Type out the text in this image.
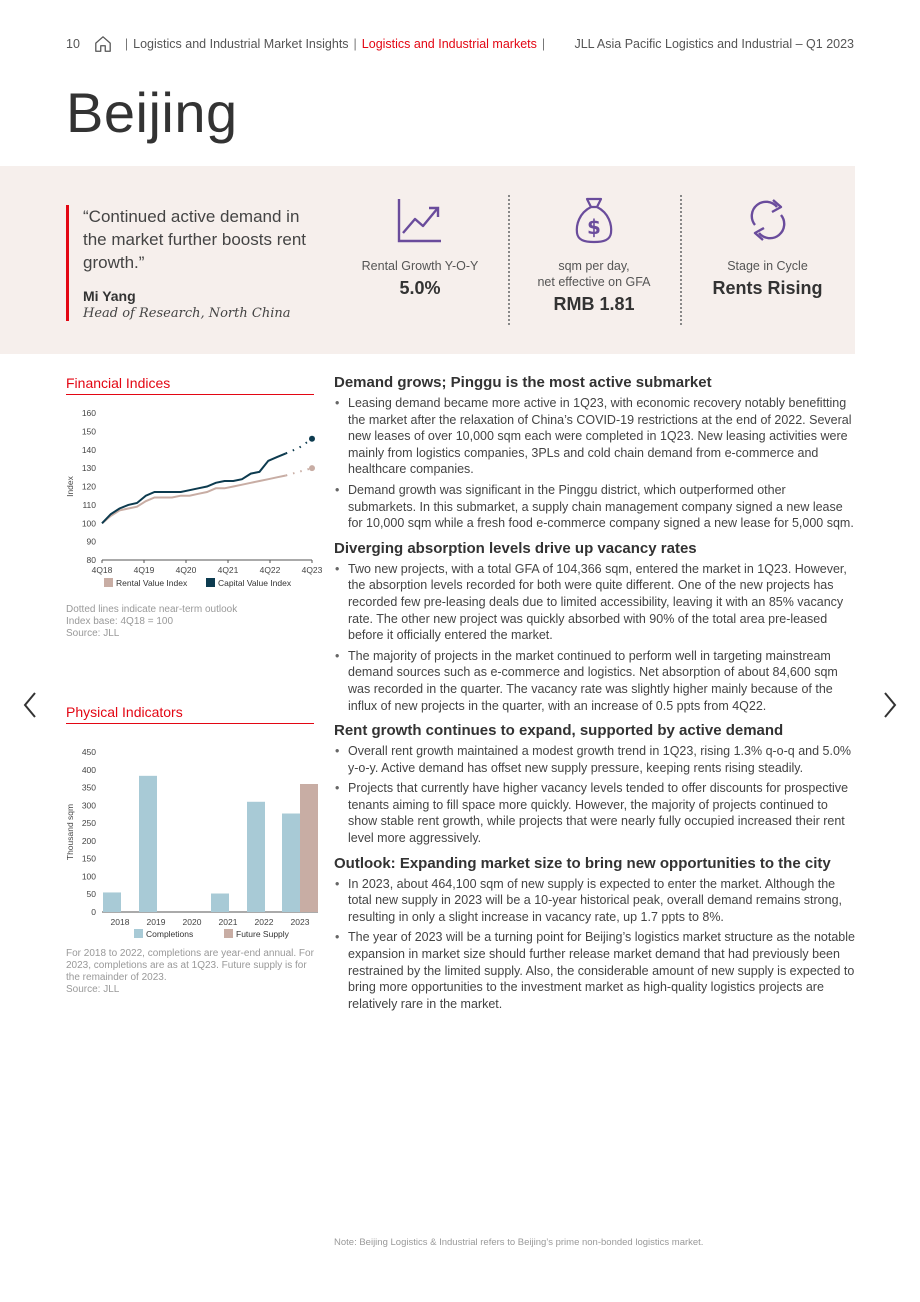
10	| Logistics and Industrial Market Insights | Logistics and Industrial markets | JLL Asia Pacific Logistics and Industrial – Q1 2023
Beijing
“Continued active demand in the market further boosts rent growth.”
Mi Yang
Head of Research, North China
Rental Growth Y-O-Y
5.0%
$
sqm per day,
net effective on GFA
RMB 1.81
Stage in Cycle
Rents Rising
Financial Indices
160
150
140
130
120
110
100
90
80
Index
4Q18 4Q19 4Q20 4Q21 4Q22 4Q23
Rental Value Index	Capital Value Index
Dotted lines indicate near-term outlook
Index base: 4Q18 = 100
Source: JLL
Physical Indicators
450
400
350
300
250
200
150
100
50
0
Thousand sqm
2018 2019 2020 2021 2022 2023
Completions	Future Supply
For 2018 to 2022, completions are year-end annual. For 2023, completions are as at 1Q23. Future supply is for the remainder of 2023.
Source: JLL
Demand grows; Pinggu is the most active submarket
• Leasing demand became more active in 1Q23, with economic recovery notably benefitting the market after the relaxation of China’s COVID-19 restrictions at the end of 2022. Several new leases of over 10,000 sqm each were completed in 1Q23. New leasing activities were mainly from logistics companies, 3PLs and cold chain demand from e-commerce and healthcare companies.
• Demand growth was significant in the Pinggu district, which outperformed other submarkets. In this submarket, a supply chain management company signed a new lease for 10,000 sqm while a fresh food e-commerce company signed a new lease for 5,000 sqm.
Diverging absorption levels drive up vacancy rates
• Two new projects, with a total GFA of 104,366 sqm, entered the market in 1Q23. However, the absorption levels recorded for both were quite different. One of the new projects has recorded few pre-leasing deals due to limited accessibility, leaving it with an 85% vacancy rate. The other new project was quickly absorbed with 90% of the total area pre-leased before it officially entered the market.
• The majority of projects in the market continued to perform well in targeting mainstream demand sources such as e-commerce and logistics. Net absorption of about 84,600 sqm was recorded in the quarter. The vacancy rate was slightly higher mainly because of the influx of new projects in the quarter, with an increase of 0.5 ppts from 4Q22.
Rent growth continues to expand, supported by active demand
• Overall rent growth maintained a modest growth trend in 1Q23, rising 1.3% q-o-q and 5.0% y-o-y. Active demand has offset new supply pressure, keeping rents rising steadily.
• Projects that currently have higher vacancy levels tended to offer discounts for prospective tenants aiming to fill space more quickly. However, the majority of projects continued to show stable rent growth, while projects that were nearly fully occupied increased their rent level more aggressively.
Outlook: Expanding market size to bring new opportunities to the city
• In 2023, about 464,100 sqm of new supply is expected to enter the market. Although the total new supply in 2023 will be a 10-year historical peak, overall demand remains strong, resulting in only a slight increase in vacancy rate, up 1.7 ppts to 8%.
• The year of 2023 will be a turning point for Beijing’s logistics market structure as the notable expansion in market size should further release market demand that had previously been restrained by the limited supply. Also, the considerable amount of new supply is expected to bring more opportunities to the investment market as high-quality logistics projects are relatively rare in the market.
Note: Beijing Logistics & Industrial refers to Beijing’s prime non-bonded logistics market.
